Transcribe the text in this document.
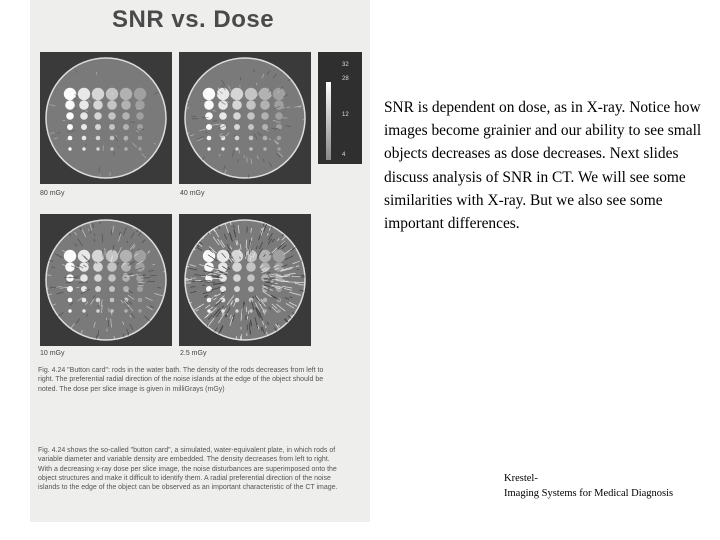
SNR vs. Dose
80 mGy	40 mGy
10 mGy	2.5 mGy
32
28
12
4
Fig. 4.24 "Button card": rods in the water bath. The density of the rods decreases from left to right. The preferential radial direction of the noise islands at the edge of the object should be noted. The dose per slice image is given in milliGrays (mGy)
Fig. 4.24 shows the so-called "button card", a simulated, water-equivalent plate, in which rods of variable diameter and variable density are embedded. The density decreases from left to right. With a decreasing x-ray dose per slice image, the noise disturbances are superimposed onto the object structures and make it difficult to identify them. A radial preferential direction of the noise islands to the edge of the object can be observed as an important characteristic of the CT image.
SNR is dependent on dose, as in X-ray. Notice how images become grainier and our ability to see small objects decreases as dose decreases. Next slides discuss analysis of SNR in CT. We will see some similarities with X-ray. But we also see some important differences.
Krestel-
Imaging Systems for Medical Diagnosis
